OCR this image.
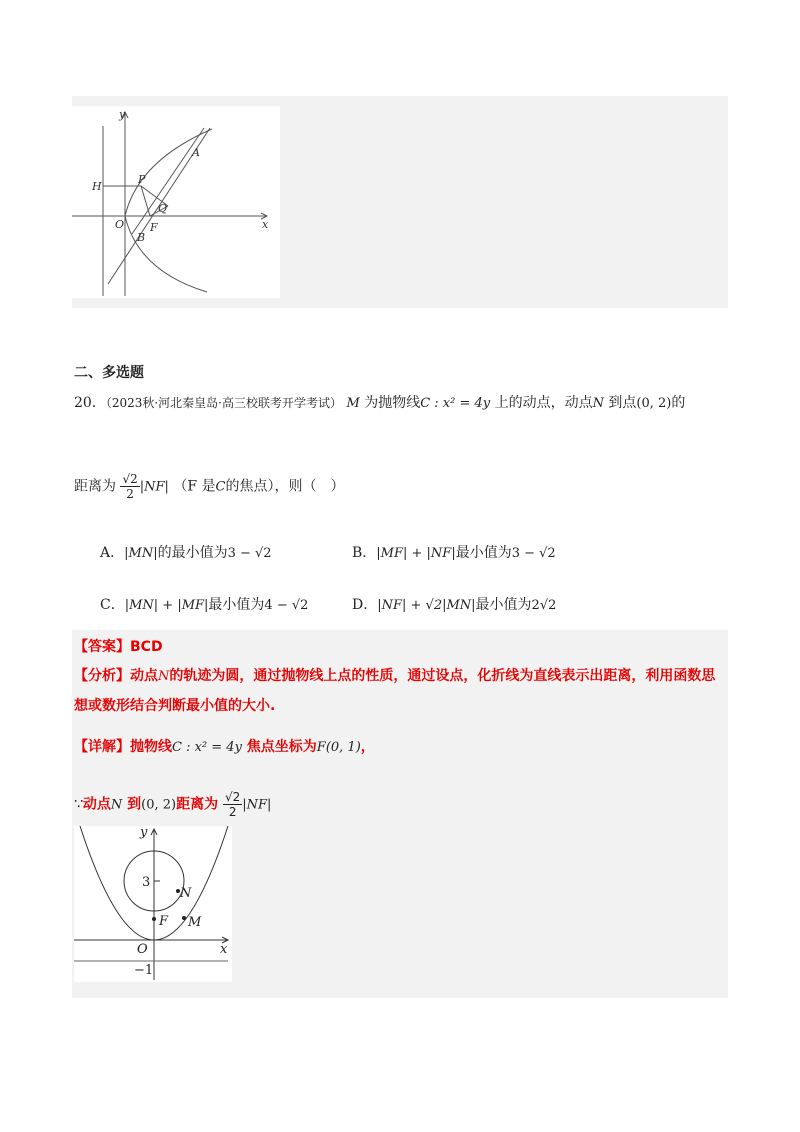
y
x
H
P
A
Q
O F
B
二、多选题
20．（2023秋·河北秦皇岛·高三校联考开学考试） M 为抛物线C : x² = 4y 上的动点，动点N 到点(0, 2)的
距离为 $\frac{√2}{2} |NF|$ （F 是C的焦点），则（　）
A．|MN|的最小值为3 − √2	B．|MF| + |NF|最小值为3 − √2
C．|MN| + |MF|最小值为4 − √2	D．|NF| + √2|MN|最小值为2√2
【答案】BCD
【分析】动点N的轨迹为圆，通过抛物线上点的性质，通过设点，化折线为直线表示出距离，利用函数思
想或数形结合判断最小值的大小.
【详解】抛物线C : x² = 4y 焦点坐标为F(0, 1)，
∵动点N 到(0, 2)距离为 $\frac{√2}{2} |NF|$
y
x
3
N
F M
O
−1
